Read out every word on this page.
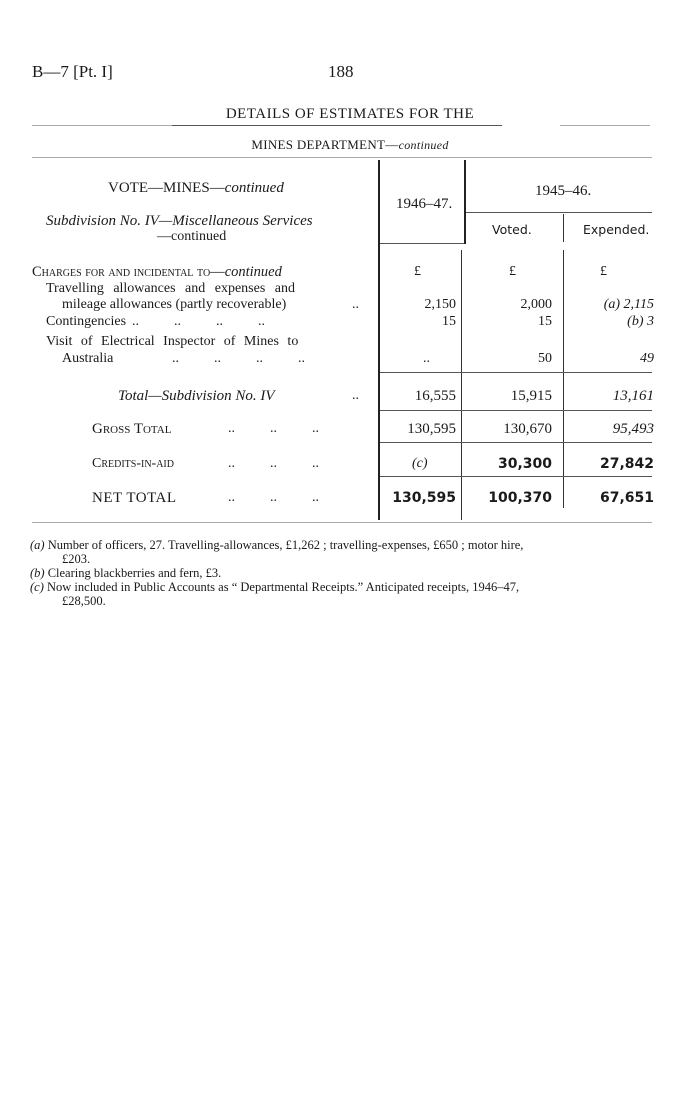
B—7 [Pt. I]	188
DETAILS OF ESTIMATES FOR THE
MINES DEPARTMENT—continued
VOTE—MINES—continued
Subdivision No. IV—Miscellaneous Services
—continued
1946–47.
1945–46.
Voted.	Expended.
£	£	£
Charges for and incidental to—continued
Travelling allowances and expenses and
mileage allowances (partly recoverable)	..	2,150	2,000	(a) 2,115
Contingencies ..          ..          ..          ..	15	15	(b) 3
Visit of Electrical Inspector of Mines to
Australia	..          ..          ..          ..	..	50	49
Total—Subdivision No. IV	..	16,555	15,915	13,161
Gross Total	..          ..          ..	130,595	130,670	95,493
Credits-in-aid	..          ..          ..	(c)	30,300	27,842
NET TOTAL	..          ..          ..	130,595	100,370	67,651
(a) Number of officers, 27. Travelling-allowances, £1,262 ; travelling-expenses, £650 ; motor hire,
£203.
(b) Clearing blackberries and fern, £3.
(c) Now included in Public Accounts as “ Departmental Receipts.” Anticipated receipts, 1946–47,
£28,500.
